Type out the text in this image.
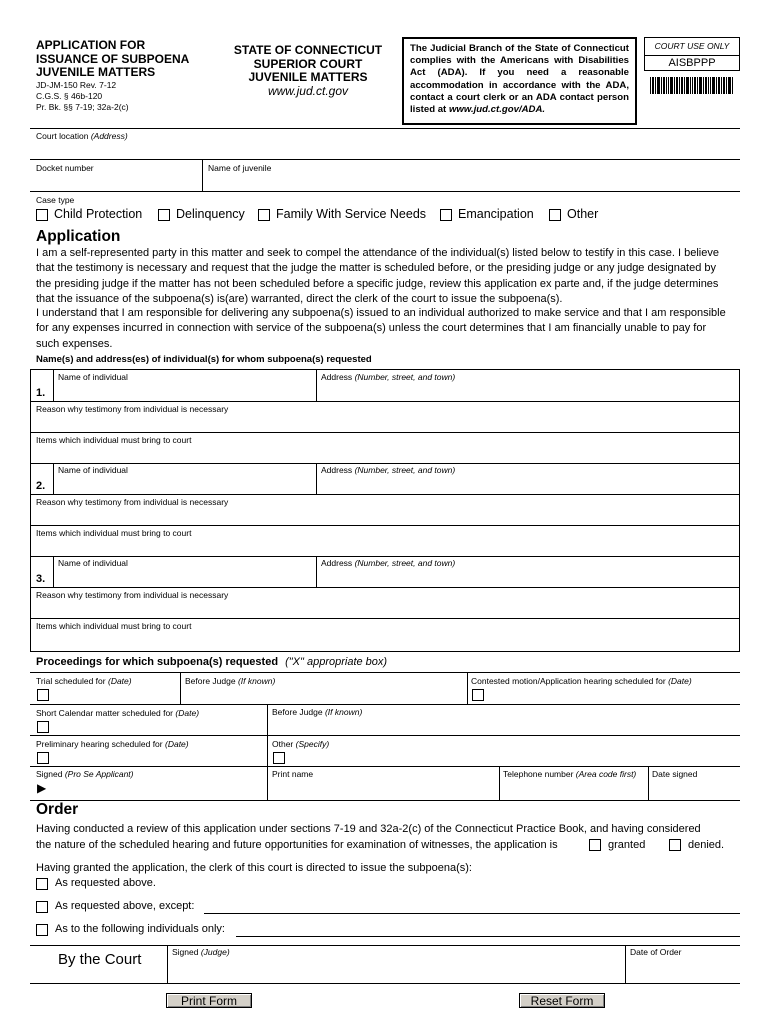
APPLICATION FOR
ISSUANCE OF SUBPOENA
JUVENILE MATTERS
JD-JM-150 Rev. 7-12
C.G.S. § 46b-120
Pr. Bk. §§ 7-19; 32a-2(c)
STATE OF CONNECTICUT
SUPERIOR COURT
JUVENILE MATTERS
www.jud.ct.gov
The Judicial Branch of the State of Connecticut complies with the Americans with Disabilities Act (ADA). If you need a reasonable accommodation in accordance with the ADA, contact a court clerk or an ADA contact person listed at www.jud.ct.gov/ADA.
COURT USE ONLY
AISBPPP
Court location (Address)
Docket number	Name of juvenile
Case type
Child Protection	Delinquency Family With Service Needs	Emancipation	Other
Application
I am a self-represented party in this matter and seek to compel the attendance of the individual(s) listed below to testify in this case. I believe that the testimony is necessary and request that the judge the matter is scheduled before, or the presiding judge or any judge designated by the presiding judge if the matter has not been scheduled before a specific judge, review this application ex parte and, if the judge determines that the issuance of the subpoena(s) is(are) warranted, direct the clerk of the court to issue the subpoena(s).
I understand that I am responsible for delivering any subpoena(s) issued to an individual authorized to make service and that I am responsible for any expenses incurred in connection with service of the subpoena(s) unless the court determines that I am financially unable to pay for such expenses.
Name(s) and address(es) of individual(s) for whom subpoena(s) requested
1.
Name of individual	Address (Number, street, and town)
Reason why testimony from individual is necessary
Items which individual must bring to court
2.
Name of individual	Address (Number, street, and town)
Reason why testimony from individual is necessary
Items which individual must bring to court
3.
Name of individual	Address (Number, street, and town)
Reason why testimony from individual is necessary
Items which individual must bring to court
Proceedings for which subpoena(s) requested ("X" appropriate box)
Trial scheduled for (Date)	Before Judge (If known)	Contested motion/Application hearing scheduled for (Date)
Short Calendar matter scheduled for (Date)	Before Judge (If known)
Preliminary hearing scheduled for (Date)	Other (Specify)
Signed (Pro Se Applicant)
▶
Print name	Telephone number (Area code first)	Date signed
Order
Having conducted a review of this application under sections 7-19 and 32a-2(c) of the Connecticut Practice Book, and having considered
the nature of the scheduled hearing and future opportunities for examination of witnesses, the application is	granted	denied.
Having granted the application, the clerk of this court is directed to issue the subpoena(s):
As requested above.
As requested above, except:
As to the following individuals only:
By the Court	Signed (Judge)	Date of Order
Print Form	Reset Form
